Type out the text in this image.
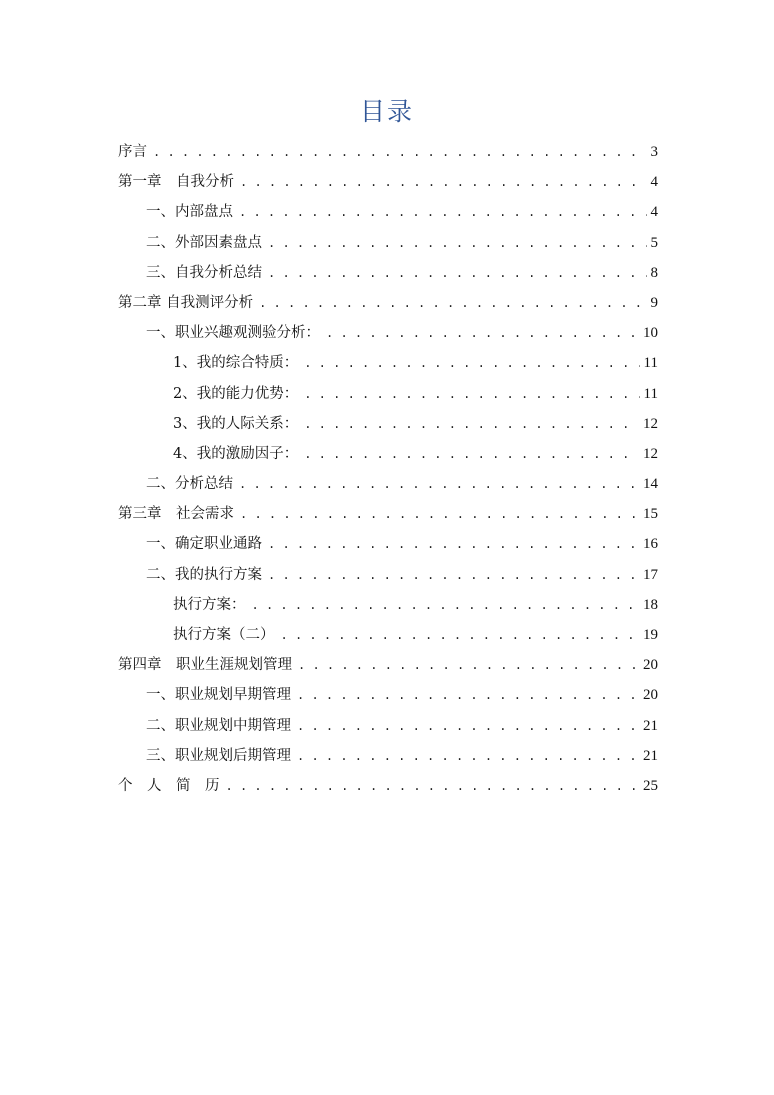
目录
序言 . . .	3
第一章　自我分析 . . .	4
一、内部盘点 . . .	4
二、外部因素盘点 . . .	5
三、自我分析总结 . . .	8
第二章 自我测评分析 . . .	9
一、职业兴趣观测验分析： . . .	10
1、我的综合特质： . . .	11
2、我的能力优势： . . .	11
3、我的人际关系： . . .	12
4、我的激励因子： . . .	12
二、分析总结 . . .	14
第三章　社会需求 . . .	15
一、确定职业通路 . . .	16
二、我的执行方案 . . .	17
执行方案： . . .	18
执行方案（二） . . .	19
第四章　职业生涯规划管理 . . .	20
一、职业规划早期管理 . . .	20
二、职业规划中期管理 . . .	21
三、职业规划后期管理 . . .	21
个　人　简　历 . . .	25
